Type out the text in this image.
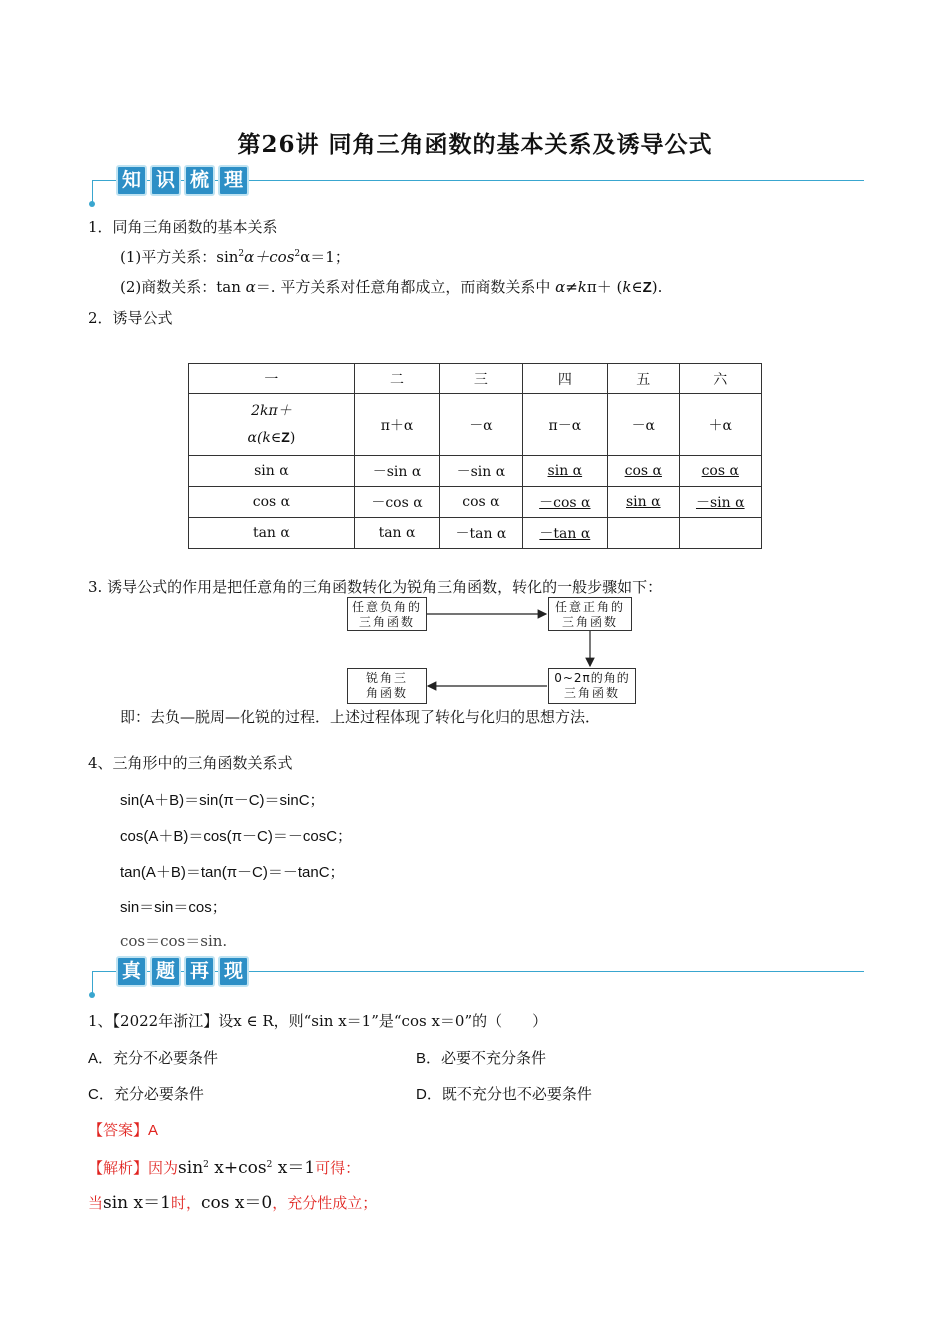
第26讲 同角三角函数的基本关系及诱导公式
知 识 梳 理
1．同角三角函数的基本关系
(1)平方关系：$\sin^2\alpha+\cos^2\alpha=1$；
(2)商数关系：tan α＝. 平方关系对任意角都成立，而商数关系中 α≠kπ＋ (k∈Z).
2．诱导公式
一	二	三	四	五	六

2kπ＋
α(k∈Z)	π＋α	－α	π－α	－α	＋α
sin α	－sin α	－sin α	sin α	cos α	cos α
cos α	－cos α	cos α	－cos α	sin α	－sin α
tan α	tan α	－tan α	－tan α		
3. 诱导公式的作用是把任意角的三角函数转化为锐角三角函数，转化的一般步骤如下：
任意负角的
三角函数
任意正角的
三角函数
0~2π的角的
三角函数
锐角三
角函数
即：去负—脱周—化锐的过程．上述过程体现了转化与化归的思想方法．
4、三角形中的三角函数关系式
sin(A＋B)＝sin(π－C)＝sinC；
cos(A＋B)＝cos(π－C)＝－cosC；
tan(A＋B)＝tan(π－C)＝－tanC；
sin＝sin＝cos；
cos＝cos＝sin.
真 题 再 现
1、【2022年浙江】设x ∈ R，则“sin x＝1”是“cos x＝0”的（　　）
A．充分不必要条件	B．必要不充分条件
C．充分必要条件	D．既不充分也不必要条件
【答案】A
【解析】因为$\sin^2 x+\cos^2$ x＝1可得：
当sin x＝1时，cos x＝0，充分性成立；
